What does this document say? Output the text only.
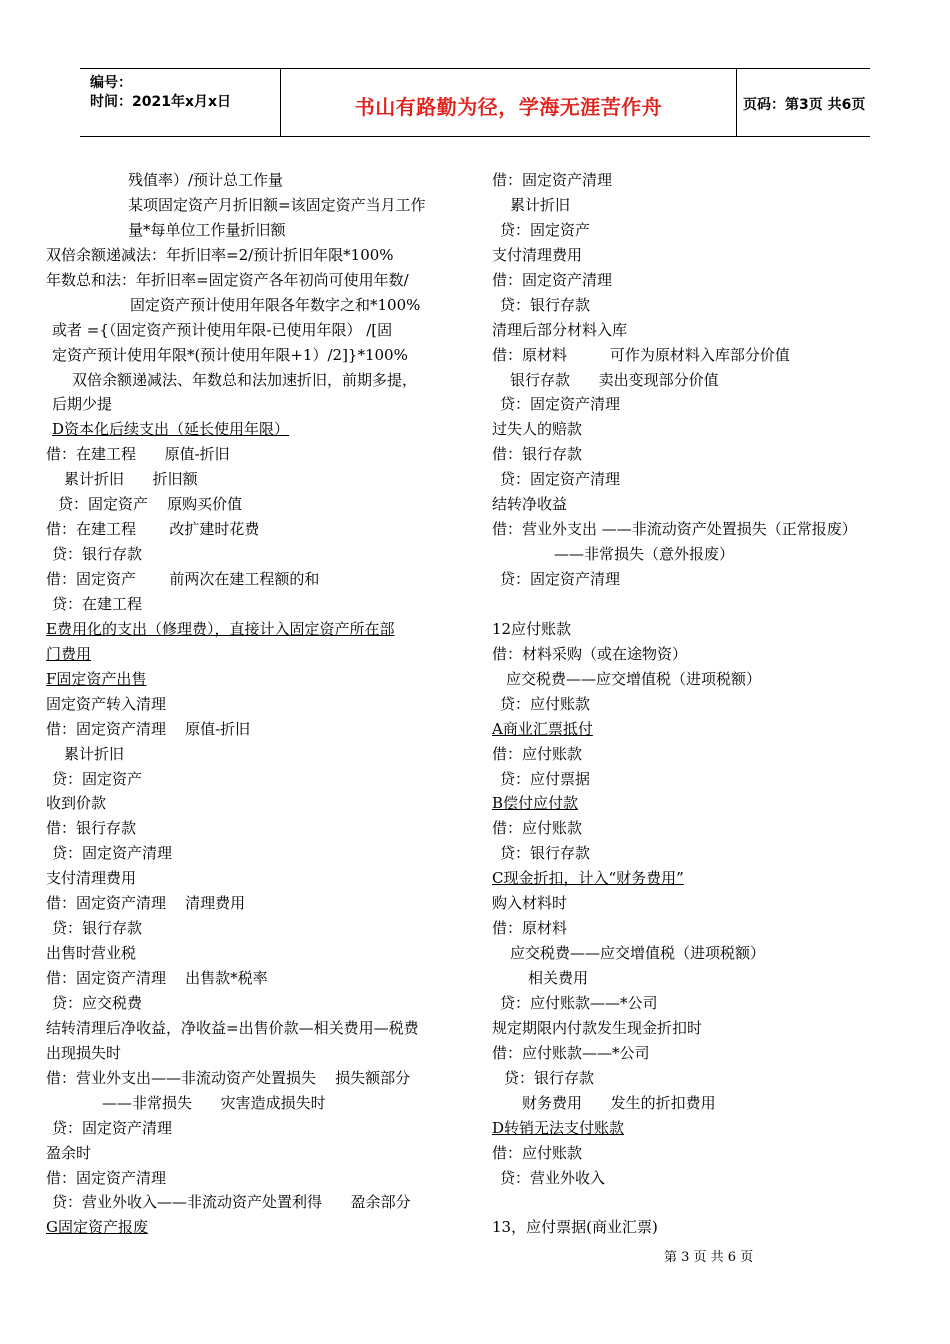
编号：
时间：2021年x月x日	书山有路勤为径，学海无涯苦作舟	页码：第3页 共6页
残值率）/预计总工作量
某项固定资产月折旧额=该固定资产当月工作
量*每单位工作量折旧额
双倍余额递减法：年折旧率=2/预计折旧年限*100%
年数总和法：年折旧率=固定资产各年初尚可使用年数/
固定资产预计使用年限各年数字之和*100%
或者 ={（固定资产预计使用年限-已使用年限） /[固
定资产预计使用年限*(预计使用年限+1）/2]}*100%
双倍余额递减法、年数总和法加速折旧，前期多提，
后期少提
D资本化后续支出（延长使用年限）
借：在建工程      原值-折旧
累计折旧      折旧额
贷：固定资产    原购买价值
借：在建工程       改扩建时花费
贷：银行存款
借：固定资产       前两次在建工程额的和
贷：在建工程
E费用化的支出（修理费），直接计入固定资产所在部
门费用
F固定资产出售
固定资产转入清理
借：固定资产清理    原值-折旧
累计折旧
贷：固定资产
收到价款
借：银行存款
贷：固定资产清理
支付清理费用
借：固定资产清理    清理费用
贷：银行存款
出售时营业税
借：固定资产清理    出售款*税率
贷：应交税费
结转清理后净收益，净收益=出售价款—相关费用—税费
出现损失时
借：营业外支出——非流动资产处置损失    损失额部分
——非常损失      灾害造成损失时
贷：固定资产清理
盈余时
借：固定资产清理
贷：营业外收入——非流动资产处置利得      盈余部分
G固定资产报废
借：固定资产清理
累计折旧
贷：固定资产
支付清理费用
借：固定资产清理
贷：银行存款
清理后部分材料入库
借：原材料         可作为原材料入库部分价值
银行存款      卖出变现部分价值
贷：固定资产清理
过失人的赔款
借：银行存款
贷：固定资产清理
结转净收益
借：营业外支出 ——非流动资产处置损失（正常报废）
——非常损失（意外报废）
贷：固定资产清理
12应付账款
借：材料采购（或在途物资）
应交税费——应交增值税（进项税额）
贷：应付账款
A商业汇票抵付
借：应付账款
贷：应付票据
B偿付应付款
借：应付账款
贷：银行存款
C现金折扣，计入“财务费用”
购入材料时
借：原材料
应交税费——应交增值税（进项税额）
相关费用
贷：应付账款——*公司
规定期限内付款发生现金折扣时
借：应付账款——*公司
贷：银行存款
财务费用      发生的折扣费用
D转销无法支付账款
借：应付账款
贷：营业外收入
13，应付票据(商业汇票)
第 3 页 共 6 页
